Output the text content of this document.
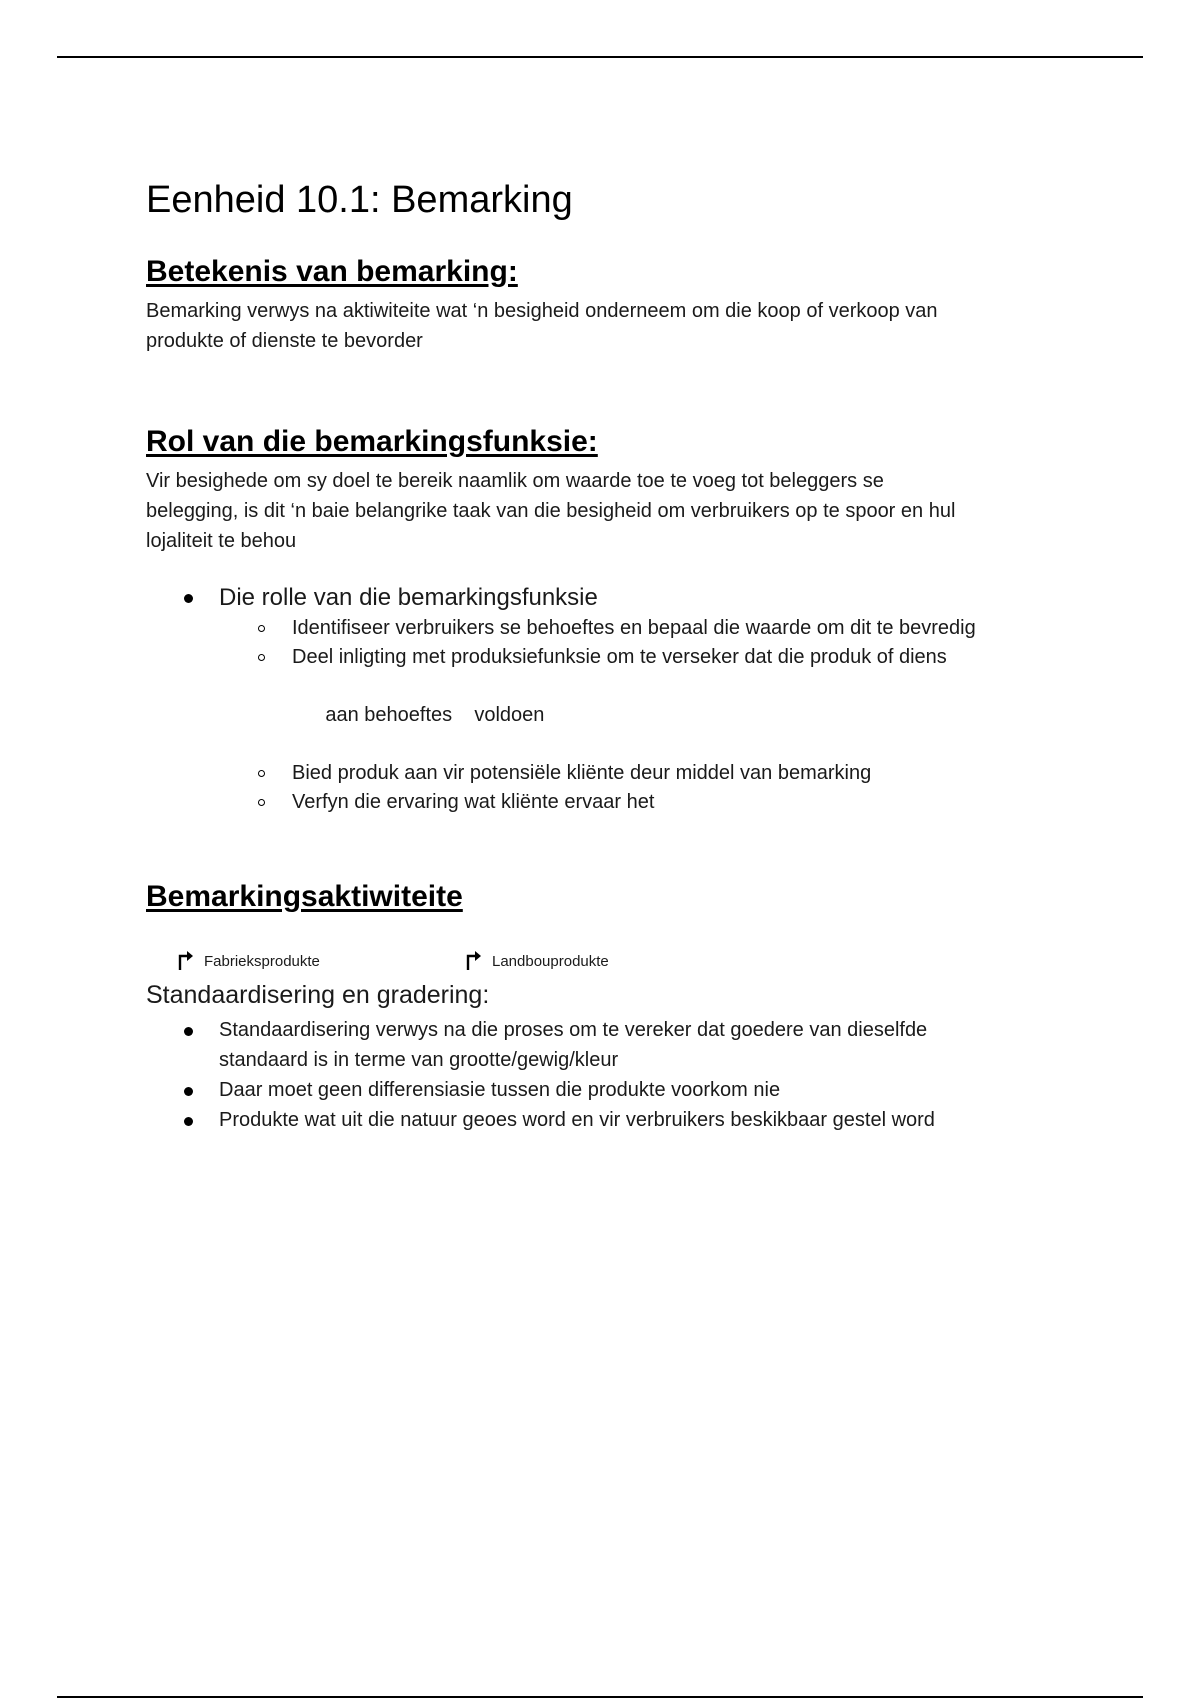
Eenheid 10.1: Bemarking
Betekenis van bemarking:

Bemarking verwys na aktiwiteite wat ‘n besigheid onderneem om die koop of verkoop van

produkte of dienste te bevorder

Rol van die bemarkingsfunksie:

Vir besighede om sy doel te bereik naamlik om waarde toe te voeg tot beleggers se

belegging, is dit ‘n baie belangrike taak van die besigheid om verbruikers op te spoor en hul

lojaliteit te behou

Die rolle van die bemarkingsfunksie
Identifiseer verbruikers se behoeftes en bepaal die waarde om dit te bevredig
Deel inligting met produksiefunksie om te verseker dat die produk of diens

aan behoeftes    voldoen

Bied produk aan vir potensiële kliënte deur middel van bemarking
Verfyn die ervaring wat kliënte ervaar het
Bemarkingsaktiwiteite
Fabrieksprodukte	Landbouprodukte

Standaardisering en gradering:

Standaardisering verwys na die proses om te vereker dat goedere van dieselfde
standaard is in terme van grootte/gewig/kleur
Daar moet geen differensiasie tussen die produkte voorkom nie
Produkte wat uit die natuur geoes word en vir verbruikers beskikbaar gestel word
